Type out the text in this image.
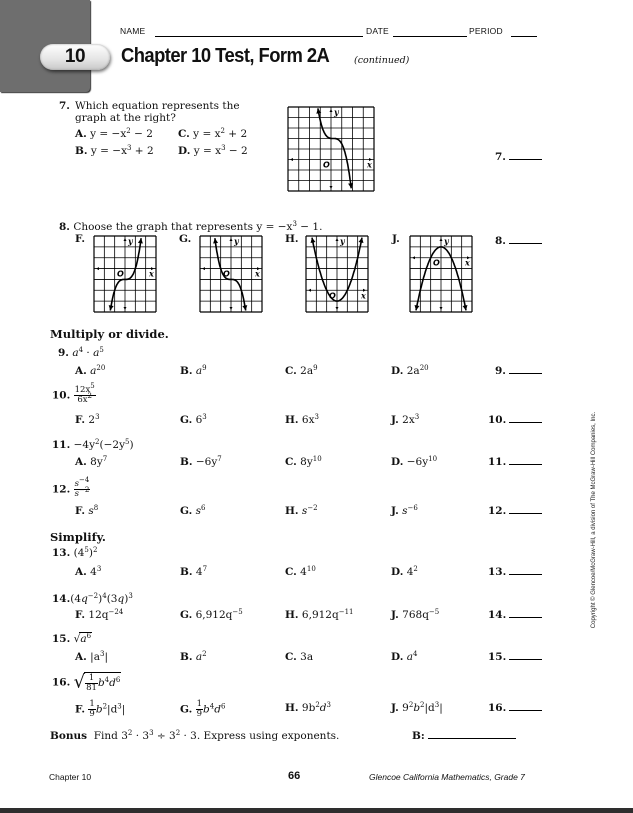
NAME	DATE	PERIOD
10	Chapter 10 Test, Form 2A	(continued)
7. Which equation represents the
graph at the right?
A. $y = -x^2 - 2$ C. $y = x^2 + 2$
B. $y = -x^3 + 2$ D. $y = x^3 - 2$
y
x
O
7.
8. Choose the graph that represents $y = -x^3 - 1$.
F.	y
x
O
G.	y
x
O
H.	y
x
O
J.	y
x
O
8.
Multiply or divide.
9. $a^4 \cdot a^5$
A. $a^{20}$	B. $a^9$	C. $2a^9$	D. $2a^{20}$	9.
10. $\frac{12x^5}{6x^2}$
F. $2^3$	G. $6^3$	H. $6x^3$	J. $2x^3$	10.
11. $-4y^2(-2y^5)$
A. $8y^7$	B. $-6y^7$	C. $8y^{10}$	D. $-6y^{10}$	11.
12. $\frac{s^{-4}}{s^{-2}}$
F. $s^8$	G. $s^6$	H. $s^{-2}$	J. $s^{-6}$	12.
Simplify.
13. $(4^5)^2$
A. $4^3$	B. $4^7$	C. $4^{10}$	D. $4^2$	13.
$14.(4q^{-2})^4(3q)^3$
F. $12q^{-24}$	G. $6,912q^{-5}$	H. $6,912q^{-11}$	J. $768q^{-5}$	14.
15. $√a^6$
A. $|a^3|$	B. $a^2$	C. 3a	D. $a^4$	15.
16. √ $\frac{1}{81} b^4d^6$
F. $\frac{1}{9} b^2|d^3|$	G. $\frac{1}{9} b^4d^6$	H. $9b^2d^3$	J. $9^2b^2|d^3|$	16.
Bonus Find $3^2 \cdot 3^3 \div 3^2 \cdot 3$. Express using exponents.	B:
Copyright © Glencoe/McGraw-Hill, a division of The McGraw-Hill Companies, Inc.
Chapter 10	66	Glencoe California Mathematics, Grade 7
